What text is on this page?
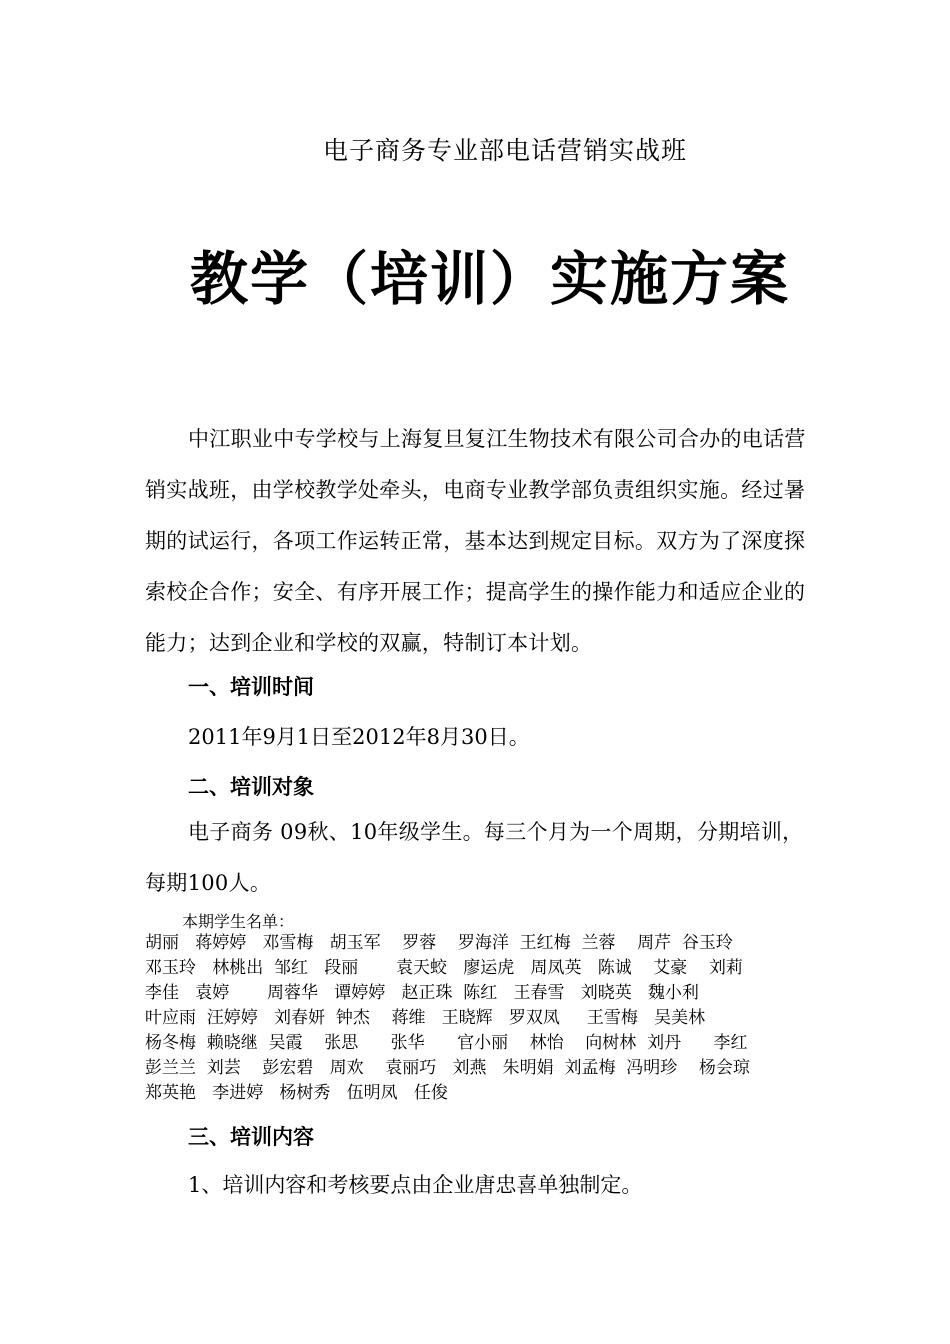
电子商务专业部电话营销实战班
教学（培训）实施方案
中江职业中专学校与上海复旦复江生物技术有限公司合办的电话营销实战班，由学校教学处牵头，电商专业教学部负责组织实施。经过暑期的试运行，各项工作运转正常，基本达到规定目标。双方为了深度探索校企合作；安全、有序开展工作；提高学生的操作能力和适应企业的能力；达到企业和学校的双赢，特制订本计划。
一、培训时间
2011年9月1日至2012年8月30日。
二、培训对象
电子商务 09秋、10年级学生。每三个月为一个周期，分期培训，每期100人。
本期学生名单：
胡丽   蒋婷婷   邓雪梅   胡玉军    罗蓉    罗海洋  王红梅  兰蓉    周芹  谷玉玲
邓玉玲   林桃出  邹红   段丽       袁天蛟   廖运虎   周凤英   陈诚    艾豪    刘莉
李佳   袁婷       周蓉华   谭婷婷   赵正珠  陈红   王春雪   刘晓英   魏小利
叶应雨  汪婷婷   刘春妍  钟杰    蒋维   王晓辉   罗双凤     王雪梅   吴美林
杨冬梅  赖晓继  吴霞    张思      张华      官小丽    林怡    向树林  刘丹      李红
彭兰兰  刘芸    彭宏碧   周欢    袁丽巧   刘燕   朱明娟  刘孟梅  冯明珍    杨会琼
郑英艳   李进婷   杨树秀   伍明凤   任俊
三、培训内容
1、培训内容和考核要点由企业唐忠喜单独制定。
